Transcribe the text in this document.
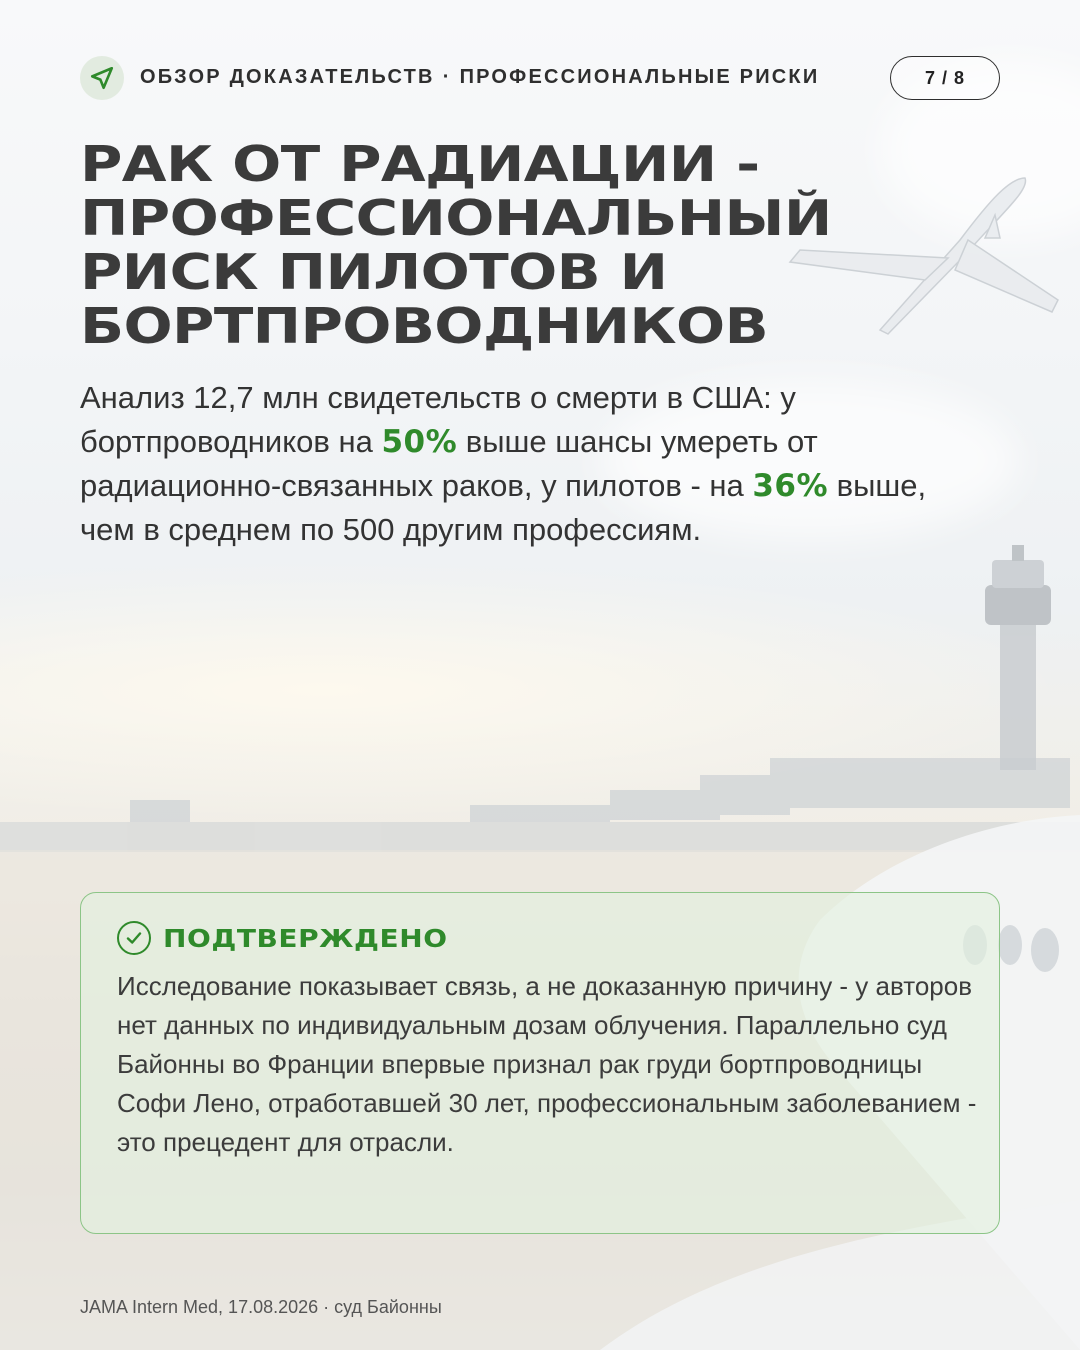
ОБЗОР ДОКАЗАТЕЛЬСТВ · ПРОФЕССИОНАЛЬНЫЕ РИСКИ	7 / 8
РАК ОТ РАДИАЦИИ -
ПРОФЕССИОНАЛЬНЫЙ
РИСК ПИЛОТОВ И
БОРТПРОВОДНИКОВ

Анализ 12,7 млн свидетельств о смерти в США: у бортпроводников на 50% выше шансы умереть от радиационно-связанных раков, у пилотов - на 36% выше, чем в среднем по 500 другим профессиям.

ПОДТВЕРЖДЕНО

Исследование показывает связь, а не доказанную причину - у авторов нет данных по индивидуальным дозам облучения. Параллельно суд Байонны во Франции впервые признал рак груди бортпроводницы Софи Лено, отработавшей 30 лет, профессиональным заболеванием - это прецедент для отрасли.

JAMA Intern Med, 17.08.2026 · суд Байонны
